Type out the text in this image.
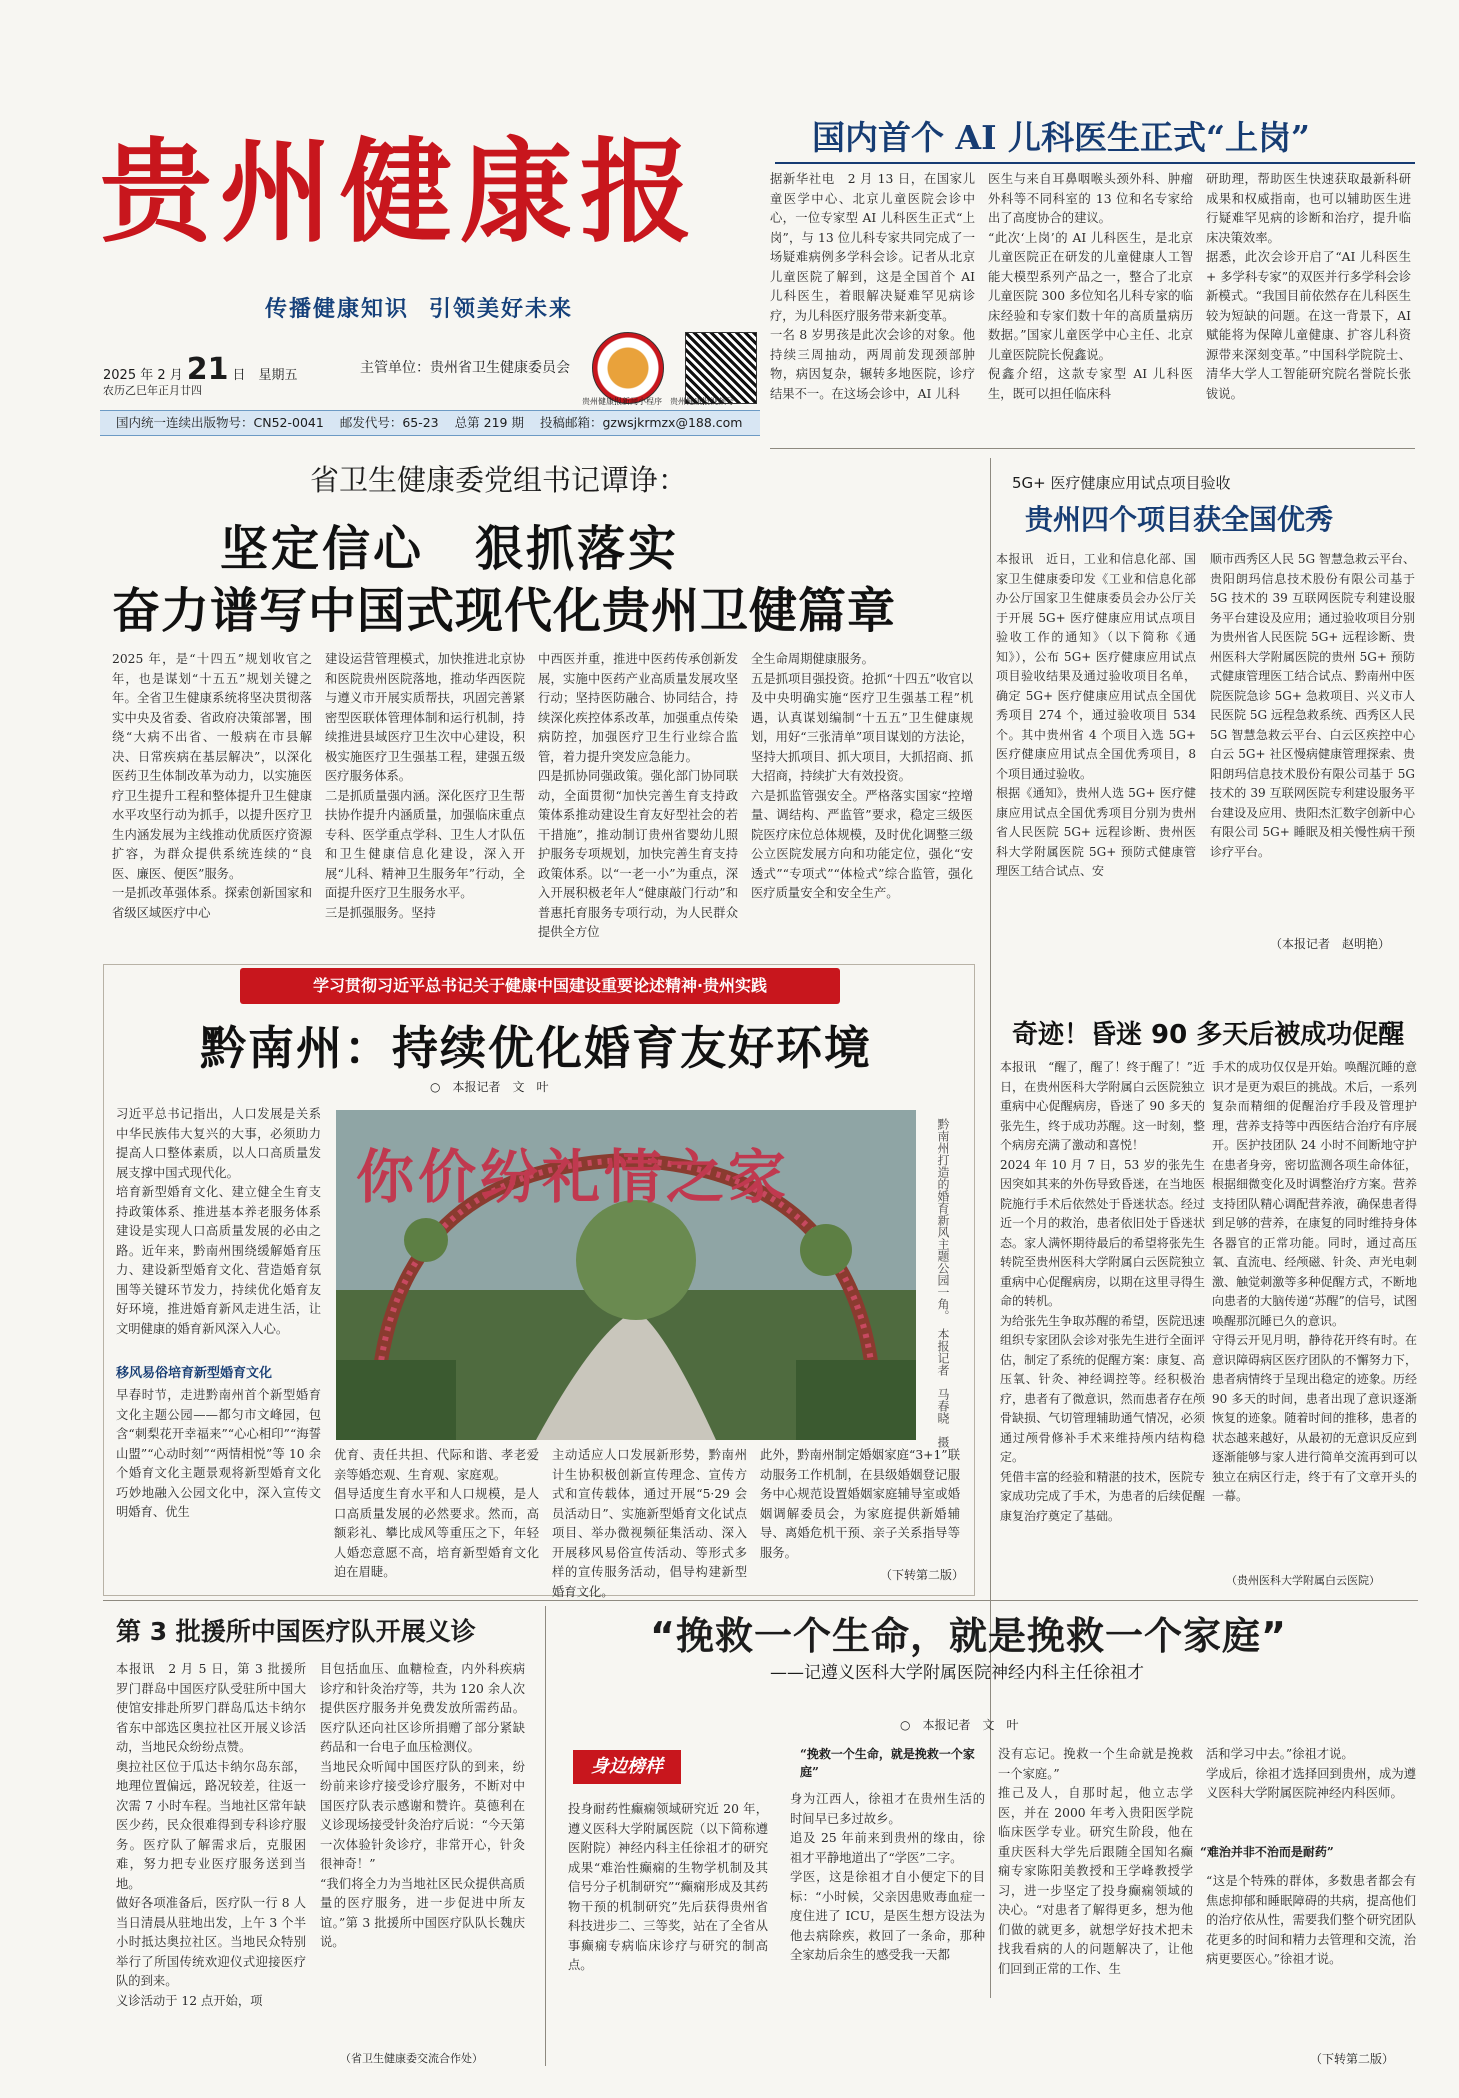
贵州健康报
传播健康知识 引领美好未来
2025 年 2 月 21 日　 星期五
农历乙巳年正月廿四
主管单位：贵州省卫生健康委员会
贵州健康报新闻小程序　 贵州健康报视频号
国内统一连续出版物号：CN52-0041 邮发代号：65-23 总第 219 期 投稿邮箱：gzwsjkrmzx@188.com
国内首个 AI 儿科医生正式“上岗”
据新华社电　2 月 13 日，在国家儿童医学中心、北京儿童医院会诊中心，一位专家型 AI 儿科医生正式“上岗”，与 13 位儿科专家共同完成了一场疑难病例多学科会诊。记者从北京儿童医院了解到，这是全国首个 AI 儿科医生，着眼解决疑难罕见病诊疗，为儿科医疗服务带来新变革。
一名 8 岁男孩是此次会诊的对象。他持续三周抽动，两周前发现颈部肿物，病因复杂，辗转多地医院，诊疗结果不一。在这场会诊中，AI 儿科
医生与来自耳鼻咽喉头颈外科、肿瘤外科等不同科室的 13 位和名专家给出了高度协合的建议。
“此次‘上岗’的 AI 儿科医生，是北京儿童医院正在研发的儿童健康人工智能大模型系列产品之一，整合了北京儿童医院 300 多位知名儿科专家的临床经验和专家们数十年的高质量病历数据。”国家儿童医学中心主任、北京儿童医院院长倪鑫说。
倪鑫介绍，这款专家型 AI 儿科医生，既可以担任临床科
研助理，帮助医生快速获取最新科研成果和权威指南，也可以辅助医生进行疑难罕见病的诊断和治疗，提升临床决策效率。
据悉，此次会诊开启了“AI 儿科医生 + 多学科专家”的双医并行多学科会诊新模式。“我国目前依然存在儿科医生较为短缺的问题。在这一背景下，AI 赋能将为保障儿童健康、扩容儿科资源带来深刻变革。”中国科学院院士、清华大学人工智能研究院名誉院长张钹说。
省卫生健康委党组书记谭诤：
坚定信心　狠抓落实
奋力谱写中国式现代化贵州卫健篇章
2025 年，是“十四五”规划收官之年，也是谋划“十五五”规划关键之年。全省卫生健康系统将坚决贯彻落实中央及省委、省政府决策部署，围绕“大病不出省、一般病在市县解决、日常疾病在基层解决”，以深化医药卫生体制改革为动力，以实施医疗卫生提升工程和整体提升卫生健康水平攻坚行动为抓手，以提升医疗卫生内涵发展为主线推动优质医疗资源扩容，为群众提供系统连续的“良医、廉医、便医”服务。
一是抓改革强体系。探索创新国家和省级区域医疗中心
建设运营管理模式，加快推进北京协和医院贵州医院落地，推动华西医院与遵义市开展实质帮扶，巩固完善紧密型医联体管理体制和运行机制，持续推进县域医疗卫生次中心建设，积极实施医疗卫生强基工程，建强五级医疗服务体系。
二是抓质量强内涵。深化医疗卫生帮扶协作提升内涵质量，加强临床重点专科、医学重点学科、卫生人才队伍和卫生健康信息化建设，深入开展“儿科、精神卫生服务年”行动，全面提升医疗卫生服务水平。
三是抓强服务。坚持
中西医并重，推进中医药传承创新发展，实施中医药产业高质量发展攻坚行动；坚持医防融合、协同结合，持续深化疾控体系改革，加强重点传染病防控，加强医疗卫生行业综合监管，着力提升突发应急能力。
四是抓协同强政策。强化部门协同联动，全面贯彻“加快完善生育支持政策体系推动建设生育友好型社会的若干措施”，推动制订贵州省婴幼儿照护服务专项规划，加快完善生育支持政策体系。以“一老一小”为重点，深入开展积极老年人“健康敲门行动”和普惠托育服务专项行动，为人民群众提供全方位
全生命周期健康服务。
五是抓项目强投资。抢抓“十四五”收官以及中央明确实施“医疗卫生强基工程”机遇，认真谋划编制“十五五”卫生健康规划，用好“三张清单”项目谋划的方法论，坚持大抓项目、抓大项目，大抓招商、抓大招商，持续扩大有效投资。
六是抓监管强安全。严格落实国家“控增量、调结构、严监管”要求，稳定三级医院医疗床位总体规模，及时优化调整三级公立医院发展方向和功能定位，强化“安透式”“专项式”“体检式”综合监管，强化医疗质量安全和安全生产。
5G+ 医疗健康应用试点项目验收
贵州四个项目获全国优秀
本报讯　近日，工业和信息化部、国家卫生健康委印发《工业和信息化部办公厅国家卫生健康委员会办公厅关于开展 5G+ 医疗健康应用试点项目验收工作的通知》（以下简称《通知》），公布 5G+ 医疗健康应用试点项目验收结果及通过验收项目名单，确定 5G+ 医疗健康应用试点全国优秀项目 274 个，通过验收项目 534 个。其中贵州省 4 个项目入选 5G+ 医疗健康应用试点全国优秀项目，8 个项目通过验收。
根据《通知》，贵州人选 5G+ 医疗健康应用试点全国优秀项目分别为贵州省人民医院 5G+ 远程诊断、贵州医科大学附属医院 5G+ 预防式健康管理医工结合试点、安
顺市西秀区人民 5G 智慧急救云平台、贵阳朗玛信息技术股份有限公司基于 5G 技术的 39 互联网医院专利建设服务平台建设及应用；通过验收项目分别为贵州省人民医院 5G+ 远程诊断、贵州医科大学附属医院的贵州 5G+ 预防式健康管理医工结合试点、黔南州中医院医院急诊 5G+ 急救项目、兴义市人民医院 5G 远程急救系统、西秀区人民 5G 智慧急救云平台、白云区疾控中心白云 5G+ 社区慢病健康管理探索、贵阳朗玛信息技术股份有限公司基于 5G 技术的 39 互联网医院专利建设服务平台建设及应用、贵阳杰汇数字创新中心有限公司 5G+ 睡眠及相关慢性病干预诊疗平台。
（本报记者　赵明艳）
学习贯彻习近平总书记关于健康中国建设重要论述精神·贵州实践
黔南州：持续优化婚育友好环境
○　本报记者　文　叶
习近平总书记指出，人口发展是关系中华民族伟大复兴的大事，必须助力提高人口整体素质，以人口高质量发展支撑中国式现代化。
培育新型婚育文化、建立健全生育支持政策体系、推进基本养老服务体系建设是实现人口高质量发展的必由之路。近年来，黔南州围绕缓解婚育压力、建设新型婚育文化、营造婚育氛围等关键环节发力，持续优化婚育友好环境，推进婚育新风走进生活，让文明健康的婚育新风深入人心。
你价纷礼情之家	黔南州打造的婚育新风主题公园一角。　本报记者　马春晓　摄
移风易俗培育新型婚育文化
早春时节，走进黔南州首个新型婚育文化主题公园——都匀市文峰园，包含“刺梨花开幸福来”“心心相印”“海誓山盟”“心动时刻”“两情相悦”等 10 余个婚育文化主题景观将新型婚育文化巧妙地融入公园文化中，深入宣传文明婚育、优生
优育、责任共担、代际和谐、孝老爱亲等婚恋观、生育观、家庭观。
倡导适度生育水平和人口规模，是人口高质量发展的必然要求。然而，高额彩礼、攀比成风等重压之下，年轻人婚恋意愿不高，培育新型婚育文化迫在眉睫。
主动适应人口发展新形势，黔南州计生协积极创新宣传理念、宣传方式和宣传载体，通过开展“5·29 会员活动日”、实施新型婚育文化试点项目、举办微视频征集活动、深入开展移风易俗宣传活动、等形式多样的宣传服务活动，倡导构建新型婚育文化。
此外，黔南州制定婚姻家庭“3+1”联动服务工作机制，在县级婚姻登记服务中心规范设置婚姻家庭辅导室或婚姻调解委员会，为家庭提供新婚辅导、离婚危机干预、亲子关系指导等服务。
（下转第二版）
奇迹！昏迷 90 多天后被成功促醒
本报讯　“醒了，醒了！终于醒了！”近日，在贵州医科大学附属白云医院独立重病中心促醒病房，昏迷了 90 多天的张先生，终于成功苏醒。这一时刻，整个病房充满了激动和喜悦！
2024 年 10 月 7 日，53 岁的张先生因突如其来的外伤导致昏迷，在当地医院施行手术后依然处于昏迷状态。经过近一个月的救治，患者依旧处于昏迷状态。家人满怀期待最后的希望将张先生转院至贵州医科大学附属白云医院独立重病中心促醒病房，以期在这里寻得生命的转机。
为给张先生争取苏醒的希望，医院迅速组织专家团队会诊对张先生进行全面评估，制定了系统的促醒方案：康复、高压氧、针灸、神经调控等。经积极治疗，患者有了微意识，然而患者存在颅骨缺损、气切管理辅助通气情况，必须通过颅骨修补手术来维持颅内结构稳定。
凭借丰富的经验和精湛的技术，医院专家成功完成了手术，为患者的后续促醒康复治疗奠定了基础。
手术的成功仅仅是开始。唤醒沉睡的意识才是更为艰巨的挑战。术后，一系列复杂而精细的促醒治疗手段及管理护理，营养支持等中西医结合治疗有序展开。医护技团队 24 小时不间断地守护在患者身旁，密切监测各项生命体征，根据细微变化及时调整治疗方案。营养支持团队精心调配营养液，确保患者得到足够的营养，在康复的同时维持身体各器官的正常功能。同时，通过高压氧、直流电、经颅磁、针灸、声光电刺激、触觉刺激等多种促醒方式，不断地向患者的大脑传递“苏醒”的信号，试图唤醒那沉睡已久的意识。
守得云开见月明，静待花开终有时。在意识障碍病区医疗团队的不懈努力下，患者病情终于呈现出稳定的迹象。历经 90 多天的时间，患者出现了意识逐渐恢复的迹象。随着时间的推移，患者的状态越来越好，从最初的无意识反应到逐渐能够与家人进行简单交流再到可以独立在病区行走，终于有了文章开头的一幕。
（贵州医科大学附属白云医院）
第 3 批援所中国医疗队开展义诊
本报讯　2 月 5 日，第 3 批援所罗门群岛中国医疗队受驻所中国大使馆安排赴所罗门群岛瓜达卡纳尔省东中部选区奥拉社区开展义诊活动，当地民众纷纷点赞。
奥拉社区位于瓜达卡纳尔岛东部，地理位置偏远，路况较差，往返一次需 7 小时车程。当地社区常年缺医少药，民众很难得到专科诊疗服务。医疗队了解需求后，克服困难，努力把专业医疗服务送到当地。
做好各项准备后，医疗队一行 8 人当日清晨从驻地出发，上午 3 个半小时抵达奥拉社区。当地民众特别举行了所国传统欢迎仪式迎接医疗队的到来。
义诊活动于 12 点开始，项
目包括血压、血糖检查，内外科疾病诊疗和针灸治疗等，共为 120 余人次提供医疗服务并免费发放所需药品。医疗队还向社区诊所捐赠了部分紧缺药品和一台电子血压检测仪。
当地民众听闻中国医疗队的到来，纷纷前来诊疗接受诊疗服务，不断对中国医疗队表示感谢和赞许。莫德利在义诊现场接受针灸治疗后说：“今天第一次体验针灸诊疗，非常开心，针灸很神奇！”
“我们将全力为当地社区民众提供高质量的医疗服务，进一步促进中所友谊。”第 3 批援所中国医疗队队长魏庆说。
（省卫生健康委交流合作处）
“挽救一个生命，就是挽救一个家庭”
——记遵义医科大学附属医院神经内科主任徐祖才
○　本报记者　文　叶
身边榜样
“挽救一个生命，就是挽救一个家庭”
投身耐药性癫痫领域研究近 20 年，遵义医科大学附属医院（以下简称遵医附院）神经内科主任徐祖才的研究成果“难治性癫痫的生物学机制及其信号分子机制研究”“癫痫形成及其药物干预的机制研究”先后获得贵州省科技进步二、三等奖，站在了全省从事癫痫专病临床诊疗与研究的制高点。
身为江西人，徐祖才在贵州生活的时间早已多过故乡。
追及 25 年前来到贵州的缘由，徐祖才平静地道出了“学医”二字。
学医，这是徐祖才自小便定下的目标：“小时候，父亲因患败毒血症一度住进了 ICU，是医生想方设法为他去病除疾，救回了一条命，那种全家劫后余生的感受我一天都
没有忘记。挽救一个生命就是挽救一个家庭。”
推己及人，自那时起，他立志学医，并在 2000 年考入贵阳医学院临床医学专业。研究生阶段，他在重庆医科大学先后跟随全国知名癫痫专家陈阳美教授和王学峰教授学习，进一步坚定了投身癫痫领域的决心。“对患者了解得更多，想为他们做的就更多，就想学好技术把未找我看病的人的问题解决了，让他们回到正常的工作、生
活和学习中去。”徐祖才说。
学成后，徐祖才选择回到贵州，成为遵义医科大学附属医院神经内科医师。
“难治并非不治而是耐药”
“这是个特殊的群体，多数患者都会有焦虑抑郁和睡眠障碍的共病，提高他们的治疗依从性，需要我们整个研究团队花更多的时间和精力去管理和交流，治病更要医心。”徐祖才说。
（下转第二版）
